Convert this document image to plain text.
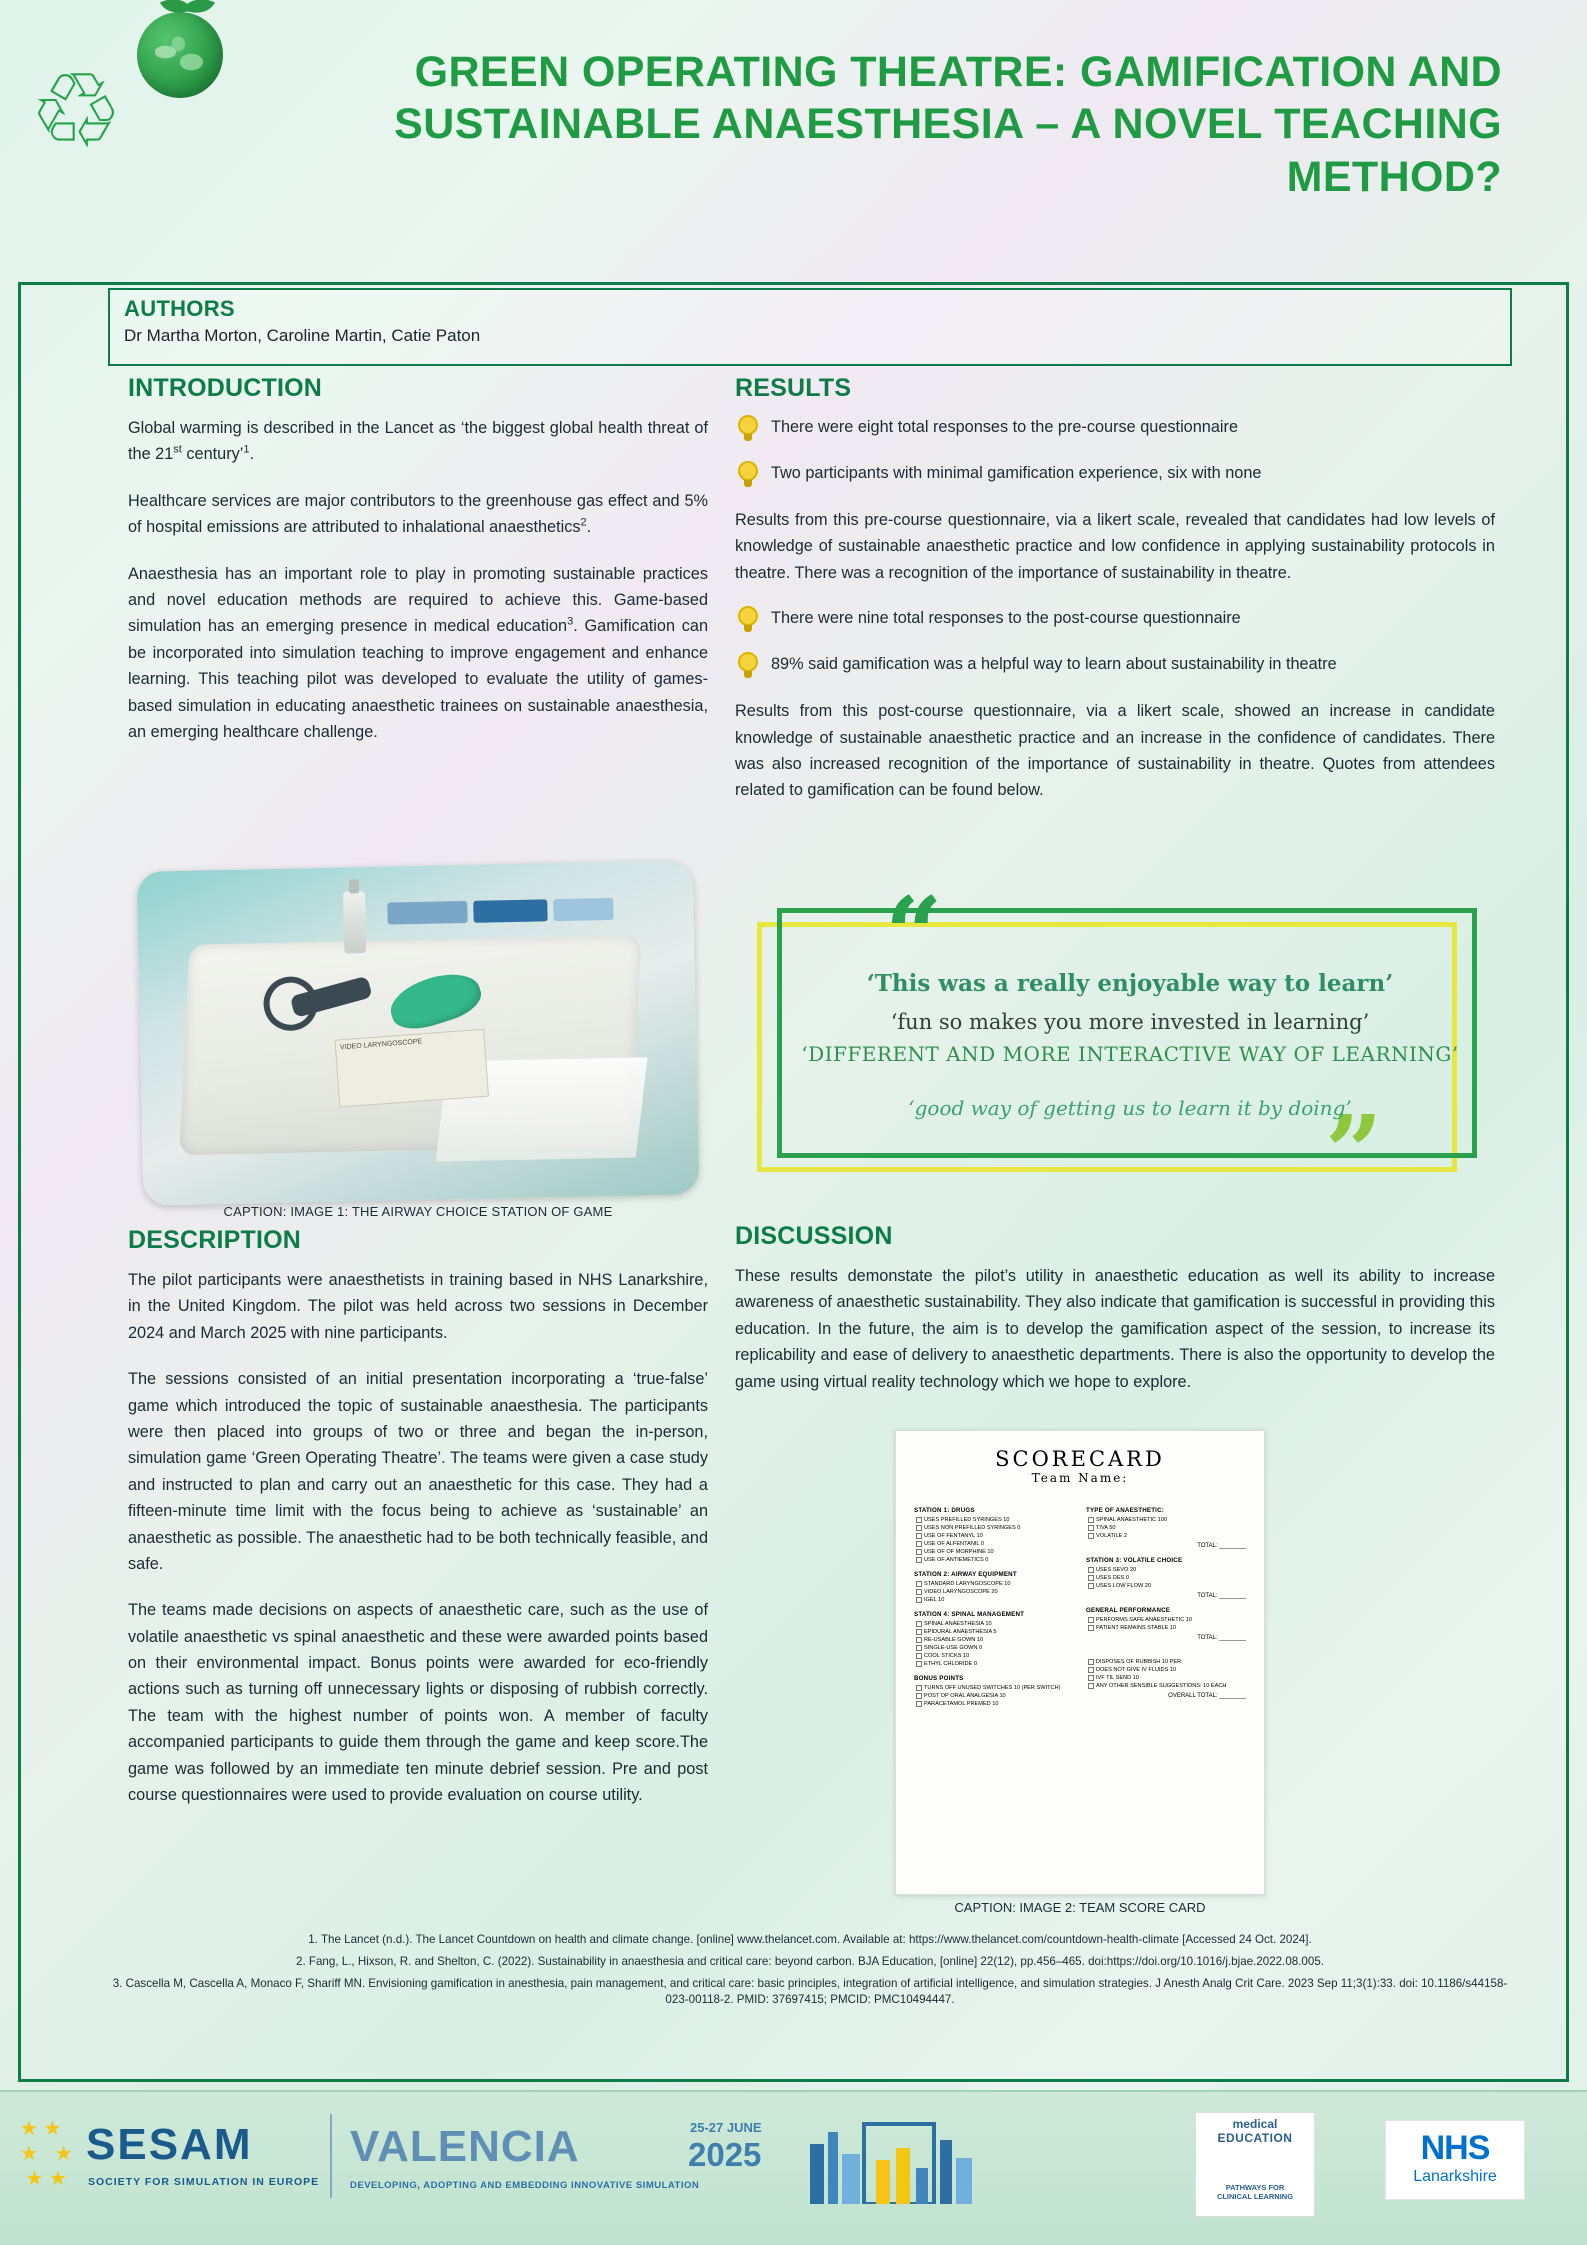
♲	GREEN OPERATING THEATRE: GAMIFICATION AND SUSTAINABLE ANAESTHESIA – A NOVEL TEACHING METHOD?
AUTHORS
Dr Martha Morton, Caroline Martin, Catie Paton
INTRODUCTION

Global warming is described in the Lancet as ‘the biggest global health threat of the 21st century’$^1$.

Healthcare services are major contributors to the greenhouse gas effect and 5% of hospital emissions are attributed to inhalational anaesthetics$^2$.

Anaesthesia has an important role to play in promoting sustainable practices and novel education methods are required to achieve this. Game-based simulation has an emerging presence in medical education$^3$. Gamification can be incorporated into simulation teaching to improve engagement and enhance learning. This teaching pilot was developed to evaluate the utility of games-based simulation in educating anaesthetic trainees on sustainable anaesthesia, an emerging healthcare challenge.

VIDEO LARYNGOSCOPE
CAPTION: IMAGE 1: THE AIRWAY CHOICE STATION OF GAME
DESCRIPTION

The pilot participants were anaesthetists in training based in NHS Lanarkshire, in the United Kingdom. The pilot was held across two sessions in December 2024 and March 2025 with nine participants.

The sessions consisted of an initial presentation incorporating a ‘true-false’ game which introduced the topic of sustainable anaesthesia. The participants were then placed into groups of two or three and began the in-person, simulation game ‘Green Operating Theatre’. The teams were given a case study and instructed to plan and carry out an anaesthetic for this case. They had a fifteen-minute time limit with the focus being to achieve as ‘sustainable’ an anaesthetic as possible. The anaesthetic had to be both technically feasible, and safe.

The teams made decisions on aspects of anaesthetic care, such as the use of volatile anaesthetic vs spinal anaesthetic and these were awarded points based on their environmental impact. Bonus points were awarded for eco-friendly actions such as turning off unnecessary lights or disposing of rubbish correctly. The team with the highest number of points won. A member of faculty accompanied participants to guide them through the game and keep score.The game was followed by an immediate ten minute debrief session. Pre and post course questionnaires were used to provide evaluation on course utility.

RESULTS
There were eight total responses to the pre-course questionnaire
Two participants with minimal gamification experience, six with none

Results from this pre-course questionnaire, via a likert scale, revealed that candidates had low levels of knowledge of sustainable anaesthetic practice and low confidence in applying sustainability protocols in theatre. There was a recognition of the importance of sustainability in theatre.

There were nine total responses to the post-course questionnaire
89% said gamification was a helpful way to learn about sustainability in theatre

Results from this post-course questionnaire, via a likert scale, showed an increase in candidate knowledge of sustainable anaesthetic practice and an increase in the confidence of candidates. There was also increased recognition of the importance of sustainability in theatre. Quotes from attendees related to gamification can be found below.

“
”
‘This was a really enjoyable way to learn’
‘fun so makes you more invested in learning’
‘DIFFERENT AND MORE INTERACTIVE WAY OF LEARNING’
‘good way of getting us to learn it by doing’
DISCUSSION

These results demonstate the pilot’s utility in anaesthetic education as well its ability to increase awareness of anaesthetic sustainability. They also indicate that gamification is successful in providing this education. In the future, the aim is to develop the gamification aspect of the session, to increase its replicability and ease of delivery to anaesthetic departments. There is also the opportunity to develop the game using virtual reality technology which we hope to explore.

SCORECARD
Team Name:
STATION 1: DRUGS
USES PREFILLED SYRINGES 10
USES NON PREFILLED SYRINGES 0
USE OF FENTANYL 10
USE OF ALFENTANIL 0
USE OF OF MORPHINE 10
USE OF ANTIEMETICS 0
STATION 2: AIRWAY EQUIPMENT
STANDARD LARYNGOSCOPE 10
VIDEO LARYNGOSCOPE 20
IGEL 10
STATION 4: SPINAL MANAGEMENT
SPINAL ANAESTHESIA 10
EPIDURAL ANAESTHESIA 5
RE-USABLE GOWN 10
SINGLE-USE GOWN 0
COOL STICKS 10
ETHYL CHLORIDE 0
BONUS POINTS
TURNS OFF UNUSED SWITCHES 10 (PER SWITCH)
POST OP ORAL ANALGESIA 10
PARACETAMOL PREMED 10
TYPE OF ANAESTHETIC:
SPINAL ANAESTHETIC 100
TIVA 50
VOLATILE 2
TOTAL: ________
STATION 3: VOLATILE CHOICE
USES SEVO 20
USES DES 0
USES LOW FLOW 20
TOTAL: ________
GENERAL PERFORMANCE
PERFORMS SAFE ANAESTHETIC 10
PATIENT REMAINS STABLE 10
TOTAL: ________
DISPOSES OF RUBBISH 10 PER
DOES NOT GIVE IV FLUIDS 10
IVF TIL SEND 10
ANY OTHER SENSIBLE SUGGESTIONS: 10 EACH
OVERALL TOTAL: ________
CAPTION: IMAGE 2: TEAM SCORE CARD
1. The Lancet (n.d.). The Lancet Countdown on health and climate change. [online] www.thelancet.com. Available at: https://www.thelancet.com/countdown-health-climate [Accessed 24 Oct. 2024].
2. Fang, L., Hixson, R. and Shelton, C. (2022). Sustainability in anaesthesia and critical care: beyond carbon. BJA Education, [online] 22(12), pp.456–465. doi:https://doi.org/10.1016/j.bjae.2022.08.005.
3. Cascella M, Cascella A, Monaco F, Shariff MN. Envisioning gamification in anesthesia, pain management, and critical care: basic principles, integration of artificial intelligence, and simulation strategies. J Anesth Analg Crit Care. 2023 Sep 11;3(1):33. doi: 10.1186/s44158-023-00118-2. PMID: 37697415; PMCID: PMC10494447.
★ ★
★   ★
★ ★
SESAM
SOCIETY FOR SIMULATION IN EUROPE
VALENCIA
DEVELOPING, ADOPTING AND EMBEDDING INNOVATIVE SIMULATION
25-27 JUNE
2025
medical
EDUCATION
PATHWAYS FOR
CLINICAL LEARNING
NHS
Lanarkshire
